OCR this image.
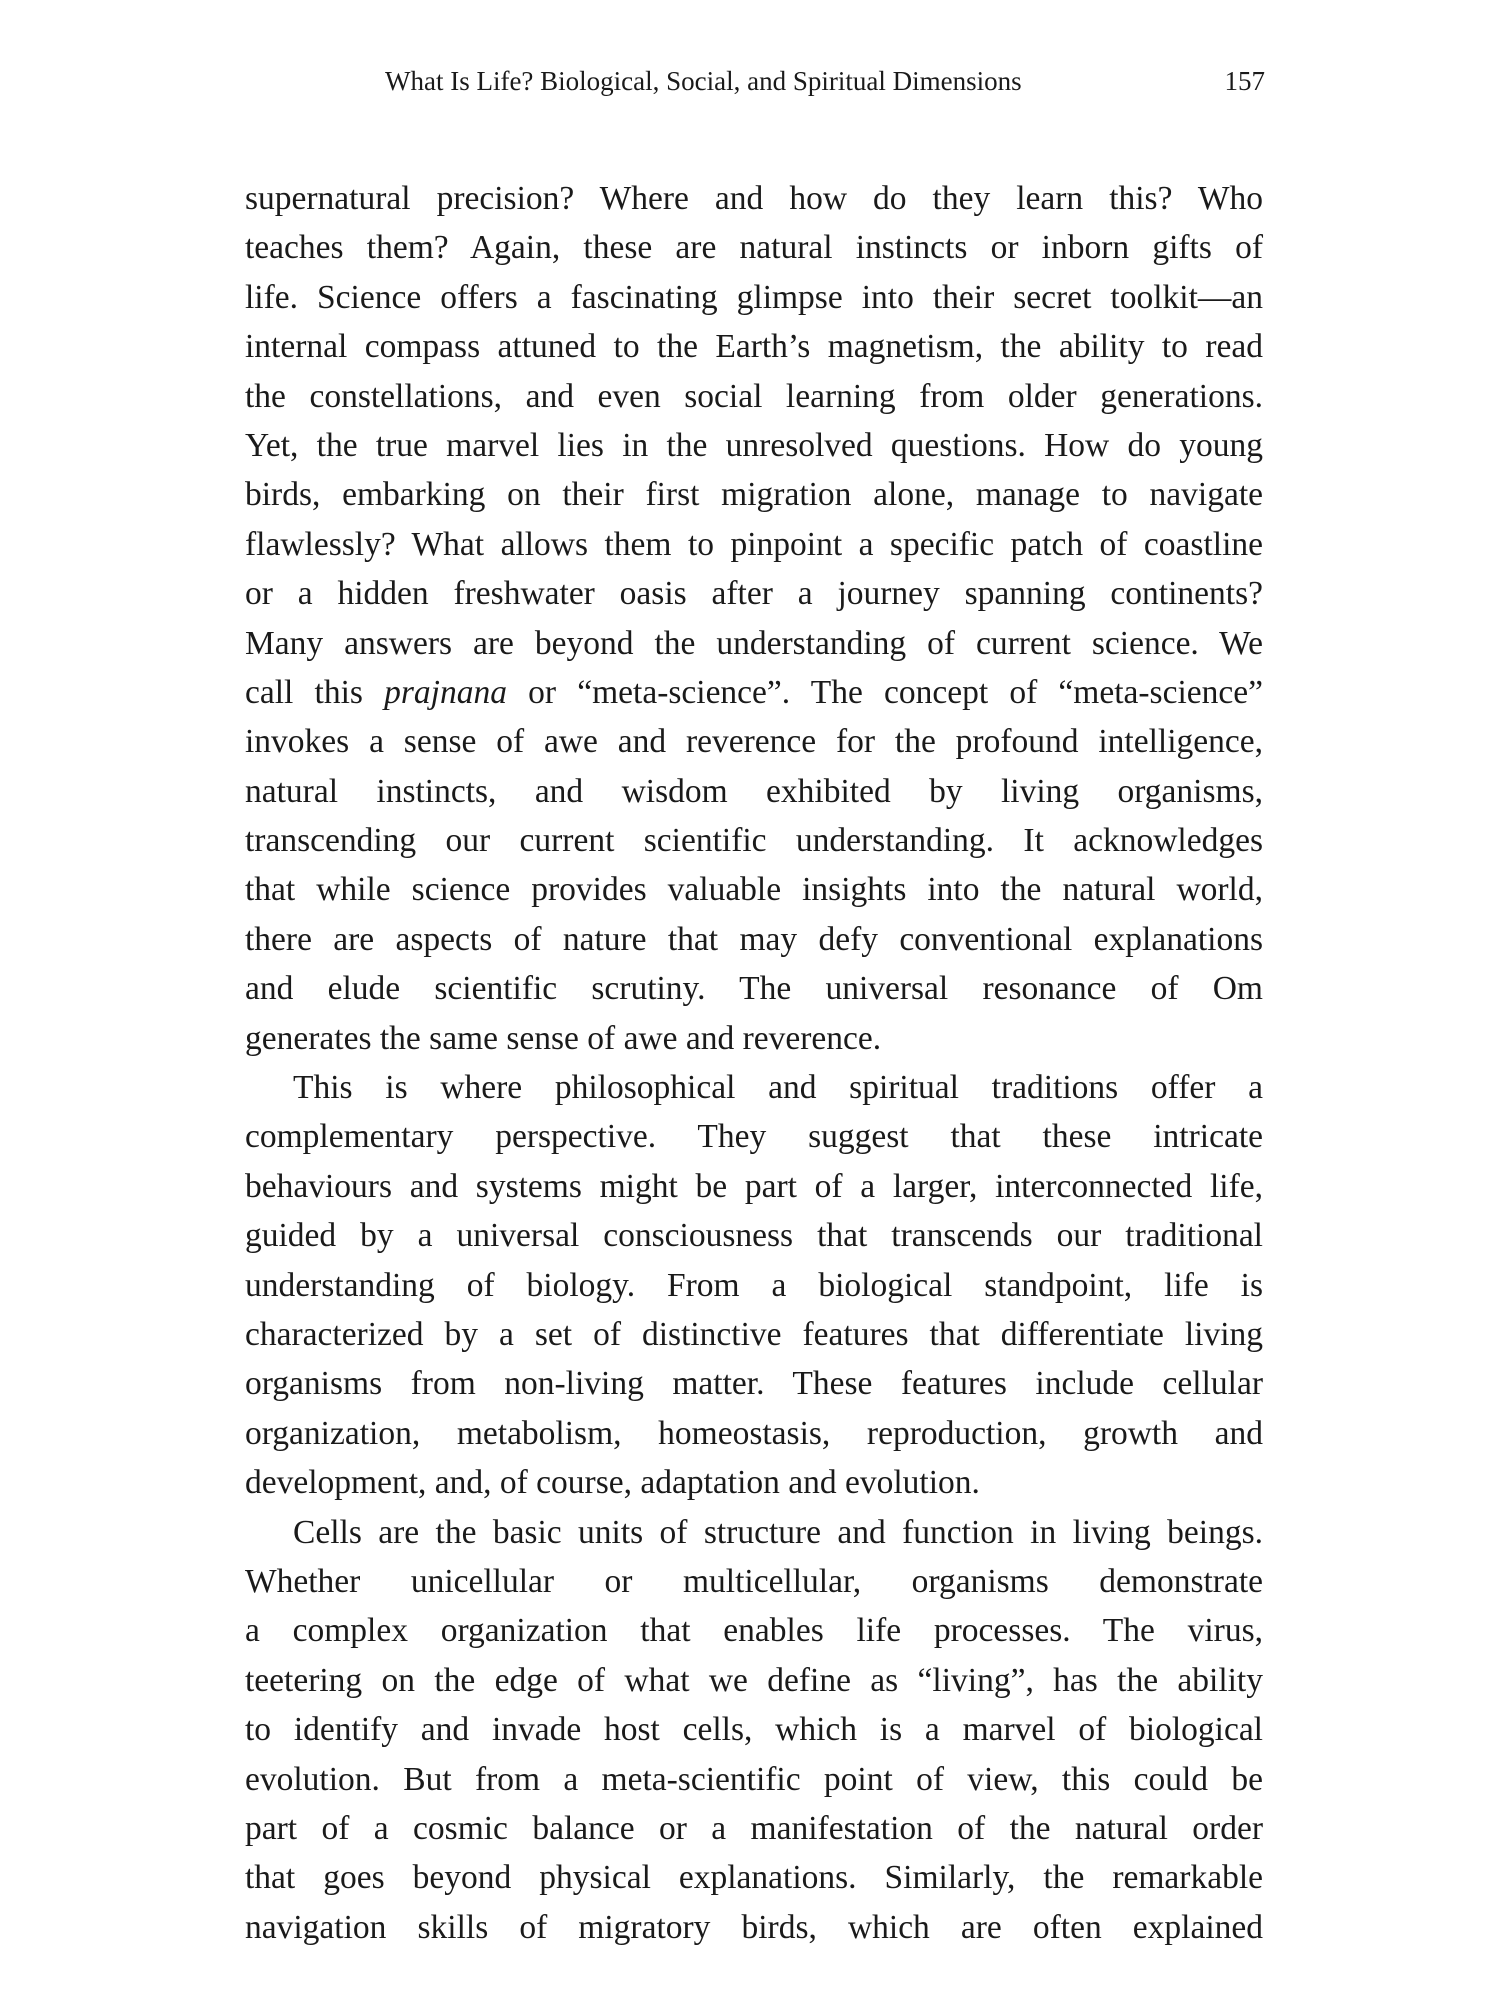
What Is Life? Biological, Social, and Spiritual Dimensions	157
supernatural precision? Where and how do they learn this? Who
teaches them? Again, these are natural instincts or inborn gifts of
life. Science offers a fascinating glimpse into their secret toolkit—an
internal compass attuned to the Earth’s magnetism, the ability to read
the constellations, and even social learning from older generations.
Yet, the true marvel lies in the unresolved questions. How do young
birds, embarking on their first migration alone, manage to navigate
flawlessly? What allows them to pinpoint a specific patch of coastline
or a hidden freshwater oasis after a journey spanning continents?
Many answers are beyond the understanding of current science. We
call this prajnana or “meta-science”. The concept of “meta-science”
invokes a sense of awe and reverence for the profound intelligence,
natural instincts, and wisdom exhibited by living organisms,
transcending our current scientific understanding. It acknowledges
that while science provides valuable insights into the natural world,
there are aspects of nature that may defy conventional explanations
and elude scientific scrutiny. The universal resonance of Om
generates the same sense of awe and reverence.
This is where philosophical and spiritual traditions offer a
complementary perspective. They suggest that these intricate
behaviours and systems might be part of a larger, interconnected life,
guided by a universal consciousness that transcends our traditional
understanding of biology. From a biological standpoint, life is
characterized by a set of distinctive features that differentiate living
organisms from non-living matter. These features include cellular
organization, metabolism, homeostasis, reproduction, growth and
development, and, of course, adaptation and evolution.
Cells are the basic units of structure and function in living beings.
Whether unicellular or multicellular, organisms demonstrate
a complex organization that enables life processes. The virus,
teetering on the edge of what we define as “living”, has the ability
to identify and invade host cells, which is a marvel of biological
evolution. But from a meta-scientific point of view, this could be
part of a cosmic balance or a manifestation of the natural order
that goes beyond physical explanations. Similarly, the remarkable
navigation skills of migratory birds, which are often explained
